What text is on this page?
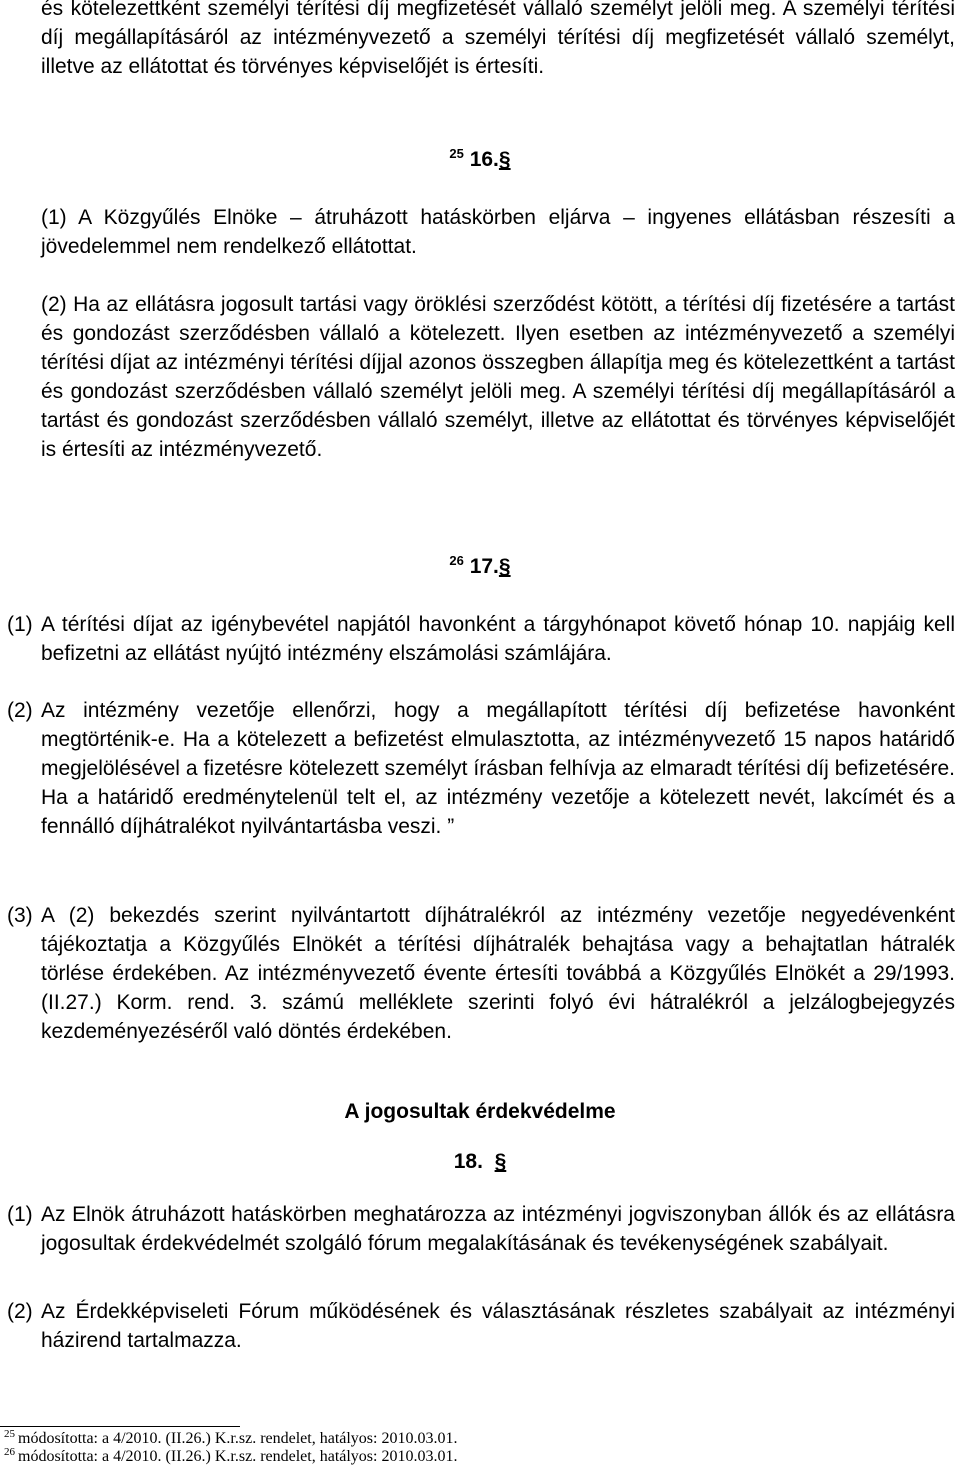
és kötelezettként személyi térítési díj megfizetését vállaló személyt jelöli meg. A személyi térítési díj megállapításáról az intézményvezető a személyi térítési díj megfizetését vállaló személyt, illetve az ellátottat és törvényes képviselőjét is értesíti.

$^{25}$ 16.§

(1) A Közgyűlés Elnöke – átruházott hatáskörben eljárva – ingyenes ellátásban részesíti a jövedelemmel nem rendelkező ellátottat.

(2) Ha az ellátásra jogosult tartási vagy öröklési szerződést kötött, a térítési díj fizetésére a tartást és gondozást szerződésben vállaló a kötelezett. Ilyen esetben az intézményvezető a személyi térítési díjat az intézményi térítési díjjal azonos összegben állapítja meg és kötelezettként a tartást és gondozást szerződésben vállaló személyt jelöli meg. A személyi térítési díj megállapításáról a tartást és gondozást szerződésben vállaló személyt, illetve az ellátottat és törvényes képviselőjét is értesíti az intézményvezető.

$^{26}$ 17.§

(1) A térítési díjat az igénybevétel napjától havonként a tárgyhónapot követő hónap 10. napjáig kell befizetni az ellátást nyújtó intézmény elszámolási számlájára.
(2) Az intézmény vezetője ellenőrzi, hogy a megállapított térítési díj befizetése havonként megtörténik-e. Ha a kötelezett a befizetést elmulasztotta, az intézményvezető 15 napos határidő megjelölésével a fizetésre kötelezett személyt írásban felhívja az elmaradt térítési díj befizetésére. Ha a határidő eredménytelenül telt el, az intézmény vezetője a kötelezett nevét, lakcímét és a fennálló díjhátralékot nyilvántartásba veszi. ”
(3) A (2) bekezdés szerint nyilvántartott díjhátralékról az intézmény vezetője negyedévenként tájékoztatja a Közgyűlés Elnökét a térítési díjhátralék behajtása vagy a behajtatlan hátralék törlése érdekében. Az intézményvezető évente értesíti továbbá a Közgyűlés Elnökét a 29/1993. (II.27.) Korm. rend. 3. számú melléklete szerinti folyó évi hátralékról a jelzálogbejegyzés kezdeményezéséről való döntés érdekében.

A jogosultak érdekvédelme

18. §

(1) Az Elnök átruházott hatáskörben meghatározza az intézményi jogviszonyban állók és az ellátásra jogosultak érdekvédelmét szolgáló fórum megalakításának és tevékenységének szabályait.
(2) Az Érdekképviseleti Fórum működésének és választásának részletes szabályait az intézményi házirend tartalmazza.
$^{25}$ módosította: a 4/2010. (II.26.) K.r.sz. rendelet, hatályos: 2010.03.01.
$^{26}$ módosította: a 4/2010. (II.26.) K.r.sz. rendelet, hatályos: 2010.03.01.
